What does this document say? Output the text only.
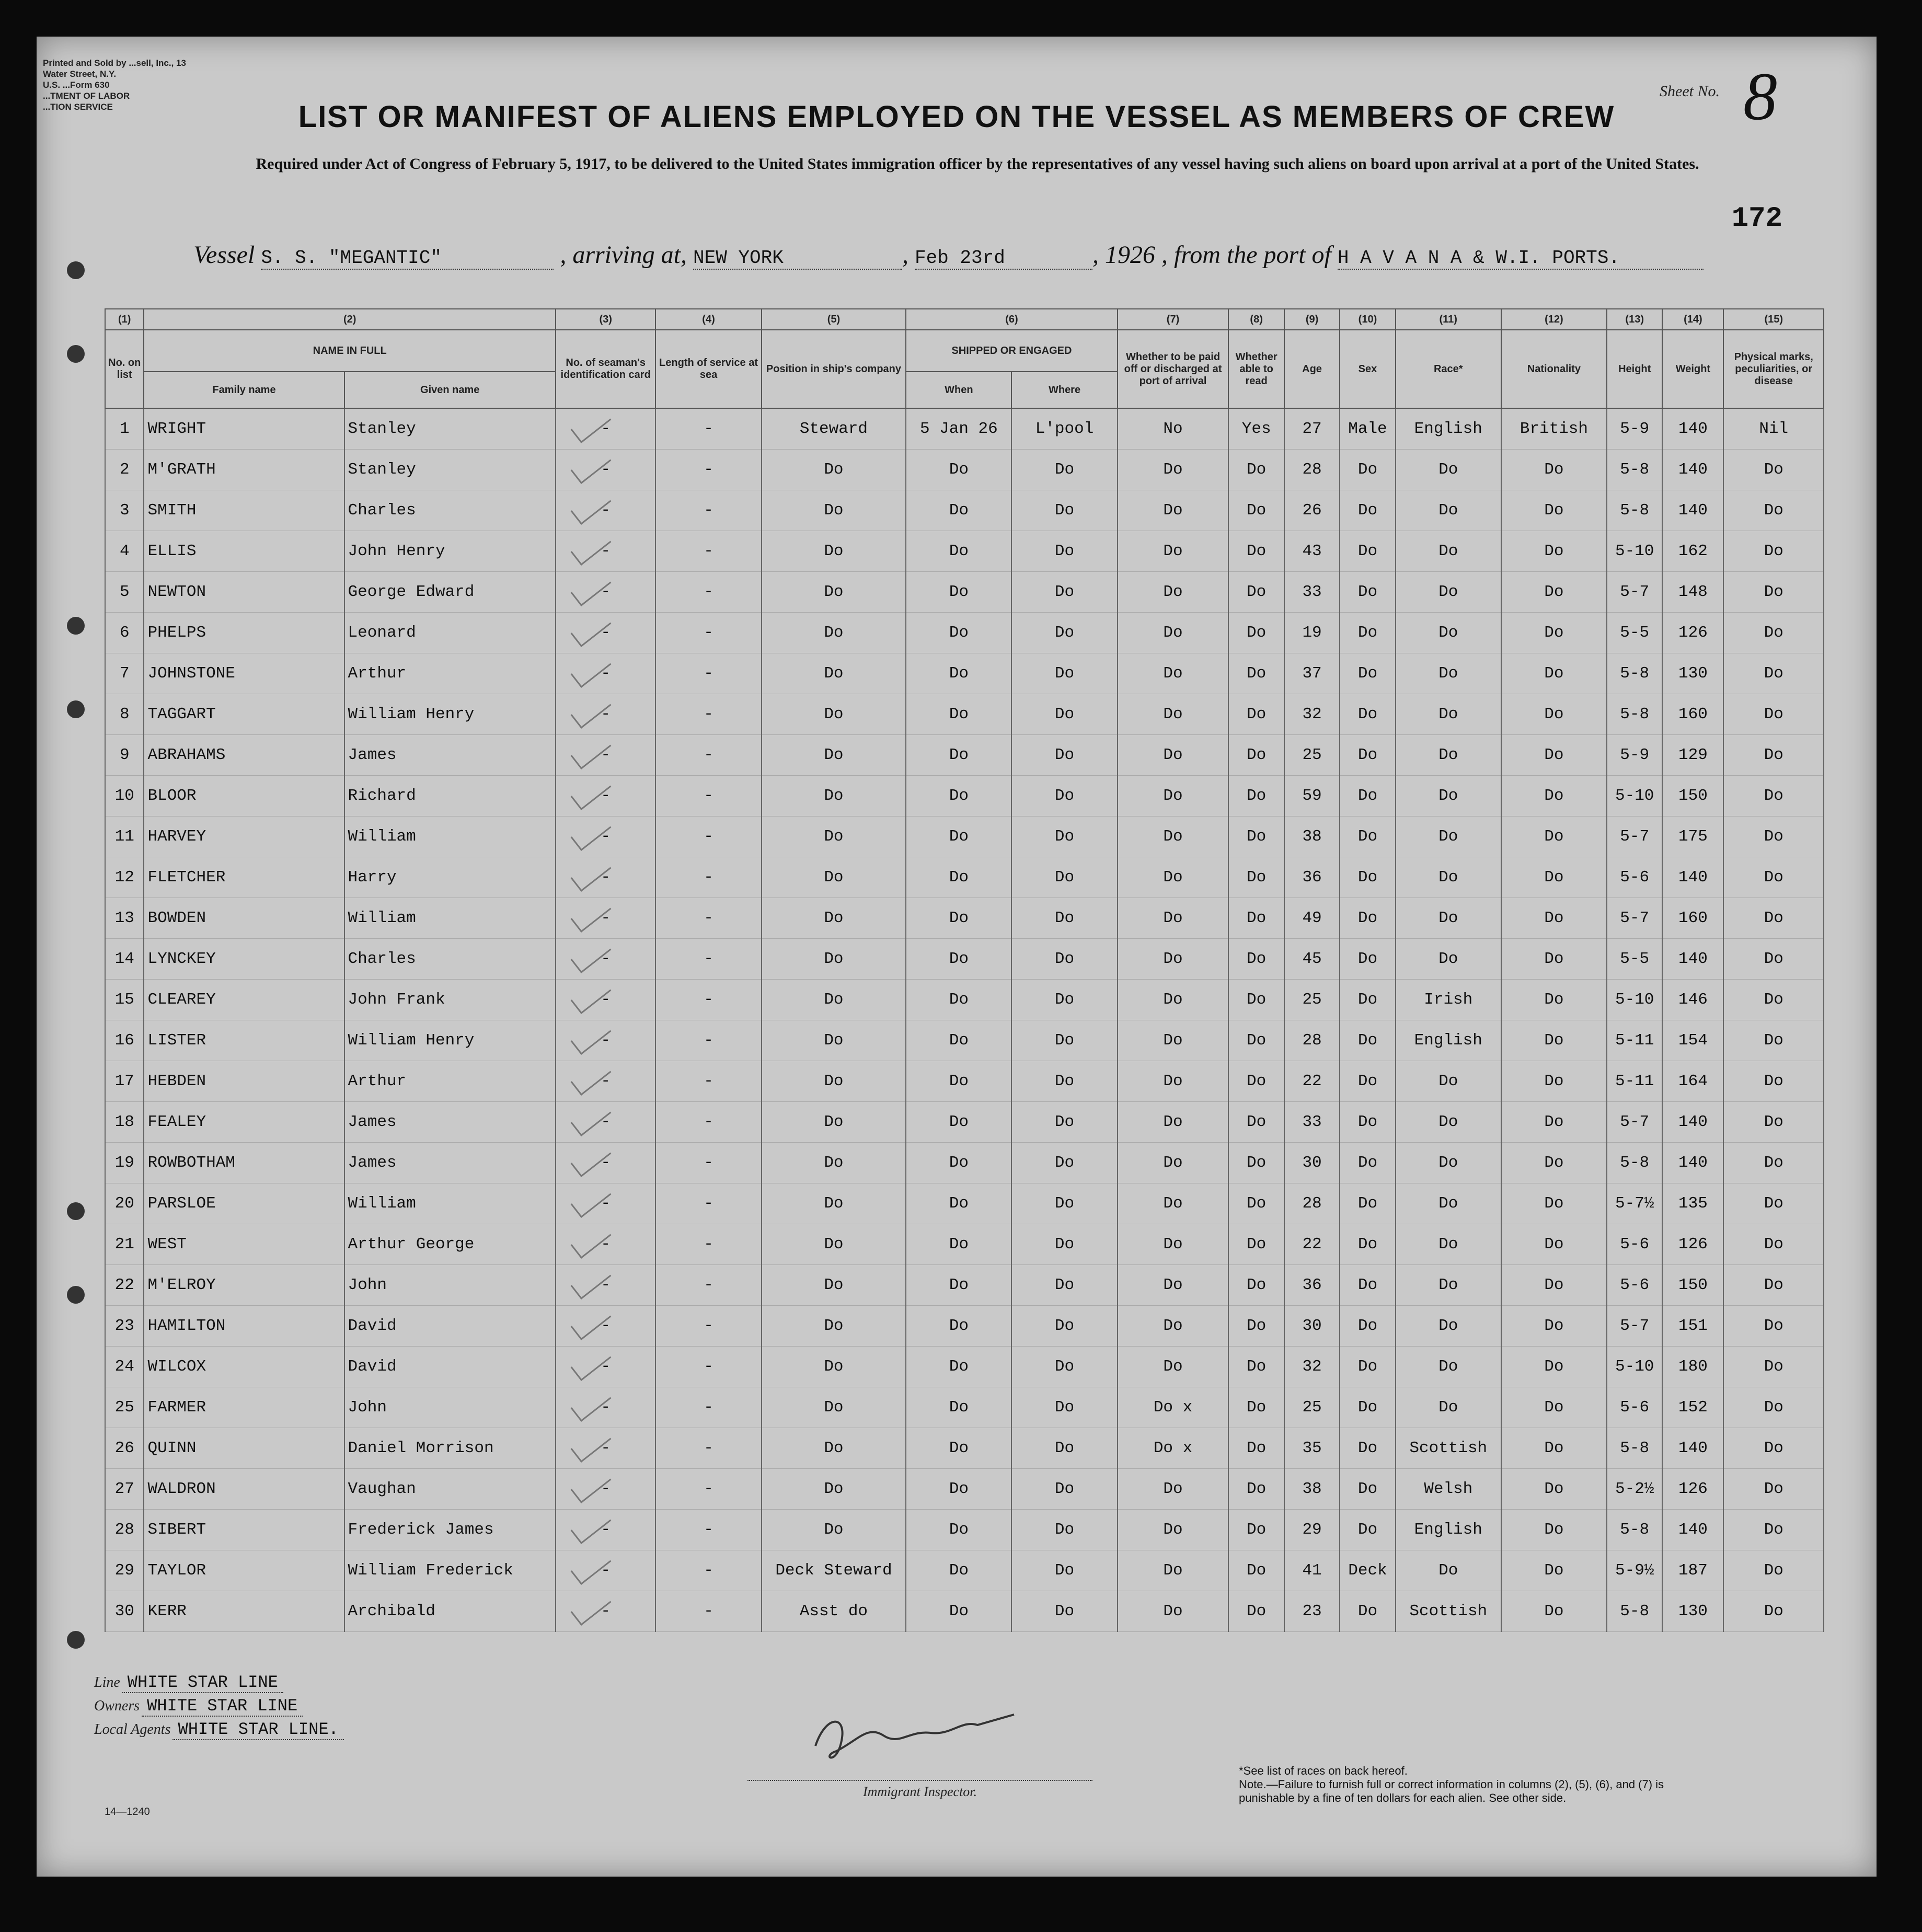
Printed and Sold by ...sell, Inc., 13 Water Street, N.Y.
U.S. ...Form 630
...TMENT OF LABOR
...TION SERVICE
Sheet No. 8
LIST OR MANIFEST OF ALIENS EMPLOYED ON THE VESSEL AS MEMBERS OF CREW
Required under Act of Congress of February 5, 1917, to be delivered to the United States immigration officer by the representatives of any vessel having such aliens on board upon arrival at a port of the United States.
172
Vessel S. S. "MEGANTIC"	, arriving at, NEW YORK	, Feb 23rd	, 1926 , from the port of H A V A N A & W.I. PORTS.
(1)	(2)		(3)	(4)	(5)	(6)		(7)	(8)	(9)	(10)	(11)	(12)	(13)	(14)	(15)
No. on list	NAME IN FULL		No. of seaman's identification card	Length of service at sea	Position in ship's company	SHIPPED OR ENGAGED		Whether to be paid off or discharged at port of arrival	Whether able to read	Age	Sex	Race*	Nationality	Height	Weight	Physical marks, peculiarities, or disease
	Family name	Given name				When	Where									
1	WRIGHT	Stanley	-	-	Steward	5 Jan 26	L'pool	No	Yes	27	Male	English	British	5-9	140	Nil
2	M'GRATH	Stanley	-	-	Do	Do	Do	Do	Do	28	Do	Do	Do	5-8	140	Do
3	SMITH	Charles	-	-	Do	Do	Do	Do	Do	26	Do	Do	Do	5-8	140	Do
4	ELLIS	John Henry	-	-	Do	Do	Do	Do	Do	43	Do	Do	Do	5-10	162	Do
5	NEWTON	George Edward	-	-	Do	Do	Do	Do	Do	33	Do	Do	Do	5-7	148	Do
6	PHELPS	Leonard	-	-	Do	Do	Do	Do	Do	19	Do	Do	Do	5-5	126	Do
7	JOHNSTONE	Arthur	-	-	Do	Do	Do	Do	Do	37	Do	Do	Do	5-8	130	Do
8	TAGGART	William Henry	-	-	Do	Do	Do	Do	Do	32	Do	Do	Do	5-8	160	Do
9	ABRAHAMS	James	-	-	Do	Do	Do	Do	Do	25	Do	Do	Do	5-9	129	Do
10	BLOOR	Richard	-	-	Do	Do	Do	Do	Do	59	Do	Do	Do	5-10	150	Do
11	HARVEY	William	-	-	Do	Do	Do	Do	Do	38	Do	Do	Do	5-7	175	Do
12	FLETCHER	Harry	-	-	Do	Do	Do	Do	Do	36	Do	Do	Do	5-6	140	Do
13	BOWDEN	William	-	-	Do	Do	Do	Do	Do	49	Do	Do	Do	5-7	160	Do
14	LYNCKEY	Charles	-	-	Do	Do	Do	Do	Do	45	Do	Do	Do	5-5	140	Do
15	CLEAREY	John Frank	-	-	Do	Do	Do	Do	Do	25	Do	Irish	Do	5-10	146	Do
16	LISTER	William Henry	-	-	Do	Do	Do	Do	Do	28	Do	English	Do	5-11	154	Do
17	HEBDEN	Arthur	-	-	Do	Do	Do	Do	Do	22	Do	Do	Do	5-11	164	Do
18	FEALEY	James	-	-	Do	Do	Do	Do	Do	33	Do	Do	Do	5-7	140	Do
19	ROWBOTHAM	James	-	-	Do	Do	Do	Do	Do	30	Do	Do	Do	5-8	140	Do
20	PARSLOE	William	-	-	Do	Do	Do	Do	Do	28	Do	Do	Do	5-7½	135	Do
21	WEST	Arthur George	-	-	Do	Do	Do	Do	Do	22	Do	Do	Do	5-6	126	Do
22	M'ELROY	John	-	-	Do	Do	Do	Do	Do	36	Do	Do	Do	5-6	150	Do
23	HAMILTON	David	-	-	Do	Do	Do	Do	Do	30	Do	Do	Do	5-7	151	Do
24	WILCOX	David	-	-	Do	Do	Do	Do	Do	32	Do	Do	Do	5-10	180	Do
25	FARMER	John	-	-	Do	Do	Do	Do x	Do	25	Do	Do	Do	5-6	152	Do
26	QUINN	Daniel Morrison	-	-	Do	Do	Do	Do x	Do	35	Do	Scottish	Do	5-8	140	Do
27	WALDRON	Vaughan	-	-	Do	Do	Do	Do	Do	38	Do	Welsh	Do	5-2½	126	Do
28	SIBERT	Frederick James	-	-	Do	Do	Do	Do	Do	29	Do	English	Do	5-8	140	Do
29	TAYLOR	William Frederick	-	-	Deck Steward	Do	Do	Do	Do	41	Deck	Do	Do	5-9½	187	Do
30	KERR	Archibald	-	-	Asst do	Do	Do	Do	Do	23	Do	Scottish	Do	5-8	130	Do
Line WHITE STAR LINE
Owners WHITE STAR LINE
Local Agents WHITE STAR LINE.
14—1240
Immigrant Inspector.
*See list of races on back hereof.
Note.—Failure to furnish full or correct information in columns (2), (5), (6), and (7) is punishable by a fine of ten dollars for each alien. See other side.
